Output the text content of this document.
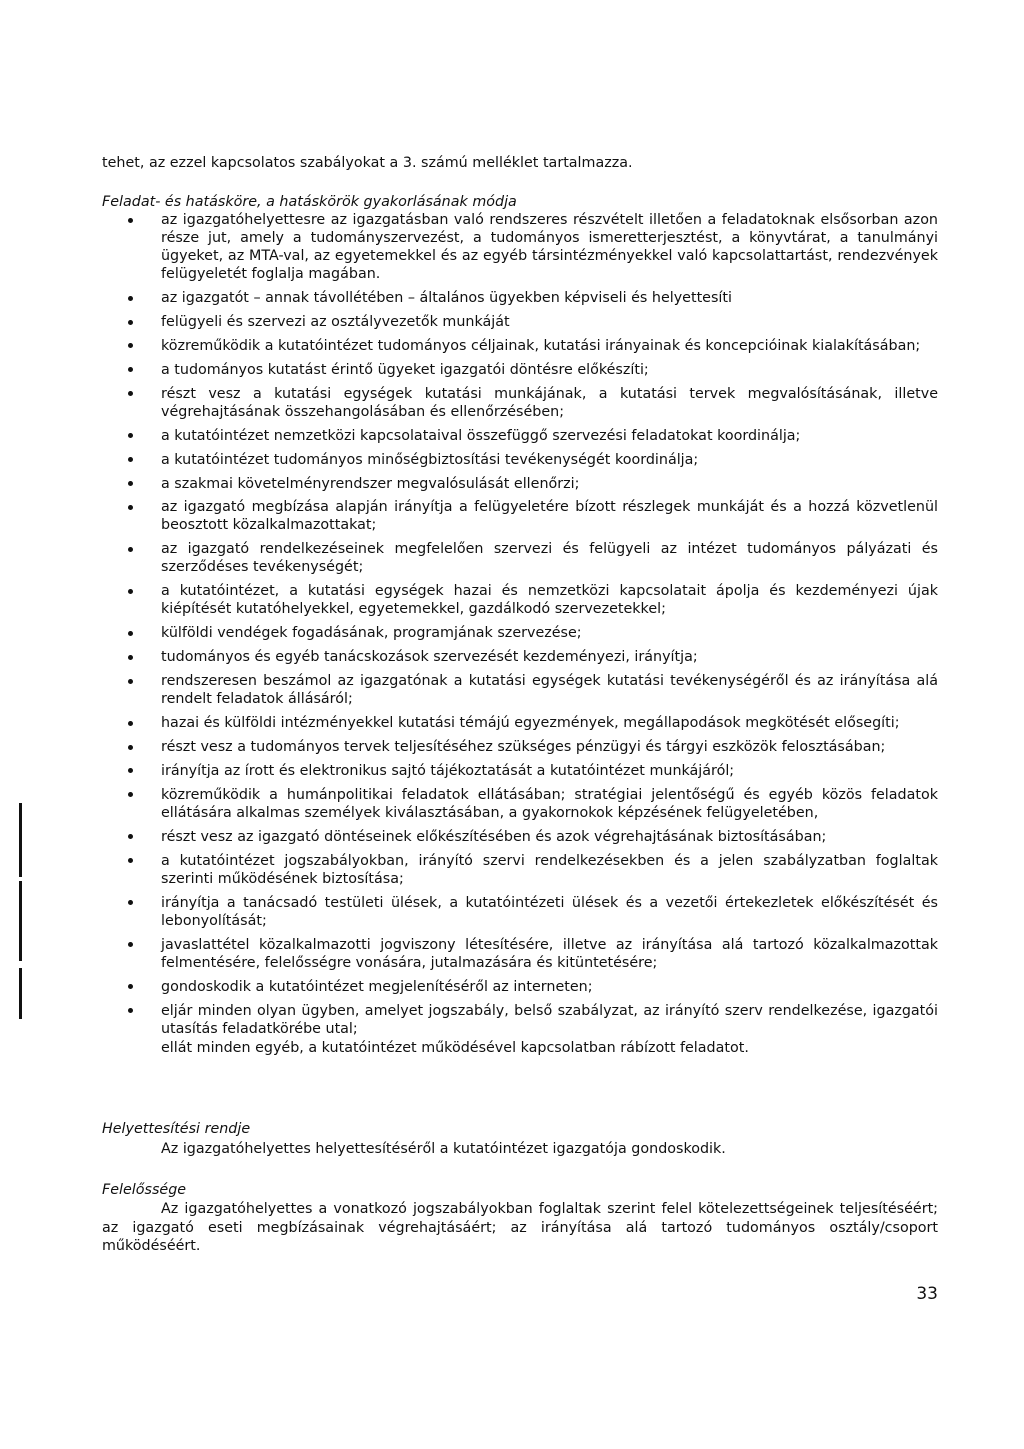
tehet, az ezzel kapcsolatos szabályokat a 3. számú melléklet tartalmazza.
Feladat- és hatásköre, a hatáskörök gyakorlásának módja
az igazgatóhelyettesre az igazgatásban való rendszeres részvételt illetően a feladatoknak elsősorban azon része jut, amely a tudományszervezést, a tudományos ismeretterjesztést, a könyvtárat, a tanulmányi ügyeket, az MTA-val, az egyetemekkel és az egyéb társintézményekkel való kapcsolattartást, rendezvények felügyeletét foglalja magában.
az igazgatót – annak távollétében – általános ügyekben képviseli és helyettesíti
felügyeli és szervezi az osztályvezetők munkáját
közreműködik a kutatóintézet tudományos céljainak, kutatási irányainak és koncepcióinak kialakításában;
a tudományos kutatást érintő ügyeket igazgatói döntésre előkészíti;
részt vesz a kutatási egységek kutatási munkájának, a kutatási tervek megvalósításának, illetve végrehajtásának összehangolásában és ellenőrzésében;
a kutatóintézet nemzetközi kapcsolataival összefüggő szervezési feladatokat koordinálja;
a kutatóintézet tudományos minőségbiztosítási tevékenységét koordinálja;
a szakmai követelményrendszer megvalósulását ellenőrzi;
az igazgató megbízása alapján irányítja a felügyeletére bízott részlegek munkáját és a hozzá közvetlenül beosztott közalkalmazottakat;
az igazgató rendelkezéseinek megfelelően szervezi és felügyeli az intézet tudományos pályázati és szerződéses tevékenységét;
a kutatóintézet, a kutatási egységek hazai és nemzetközi kapcsolatait ápolja és kezdeményezi újak kiépítését kutatóhelyekkel, egyetemekkel, gazdálkodó szervezetekkel;
külföldi vendégek fogadásának, programjának szervezése;
tudományos és egyéb tanácskozások szervezését kezdeményezi, irányítja;
rendszeresen beszámol az igazgatónak a kutatási egységek kutatási tevékenységéről és az irányítása alá rendelt feladatok állásáról;
hazai és külföldi intézményekkel kutatási témájú egyezmények, megállapodások megkötését elősegíti;
részt vesz a tudományos tervek teljesítéséhez szükséges pénzügyi és tárgyi eszközök felosztásában;
irányítja az írott és elektronikus sajtó tájékoztatását a kutatóintézet munkájáról;
közreműködik a humánpolitikai feladatok ellátásában; stratégiai jelentőségű és egyéb közös feladatok ellátására alkalmas személyek kiválasztásában, a gyakornokok képzésének felügyeletében,
részt vesz az igazgató döntéseinek előkészítésében és azok végrehajtásának biztosításában;
a kutatóintézet jogszabályokban, irányító szervi rendelkezésekben és a jelen szabályzatban foglaltak szerinti működésének biztosítása;
irányítja a tanácsadó testületi ülések, a kutatóintézeti ülések és a vezetői értekezletek előkészítését és lebonyolítását;
javaslattétel közalkalmazotti jogviszony létesítésére, illetve az irányítása alá tartozó közalkalmazottak felmentésére, felelősségre vonására, jutalmazására és kitüntetésére;
gondoskodik a kutatóintézet megjelenítéséről az interneten;
eljár minden olyan ügyben, amelyet jogszabály, belső szabályzat, az irányító szerv rendelkezése, igazgatói utasítás feladatkörébe utal;
ellát minden egyéb, a kutatóintézet működésével kapcsolatban rábízott feladatot.
Helyettesítési rendje
Az igazgatóhelyettes helyettesítéséről a kutatóintézet igazgatója gondoskodik.
Felelőssége
Az igazgatóhelyettes a vonatkozó jogszabályokban foglaltak szerint felel kötelezettségeinek teljesítéséért; az igazgató eseti megbízásainak végrehajtásáért; az irányítása alá tartozó tudományos osztály/csoport működéséért.
33
